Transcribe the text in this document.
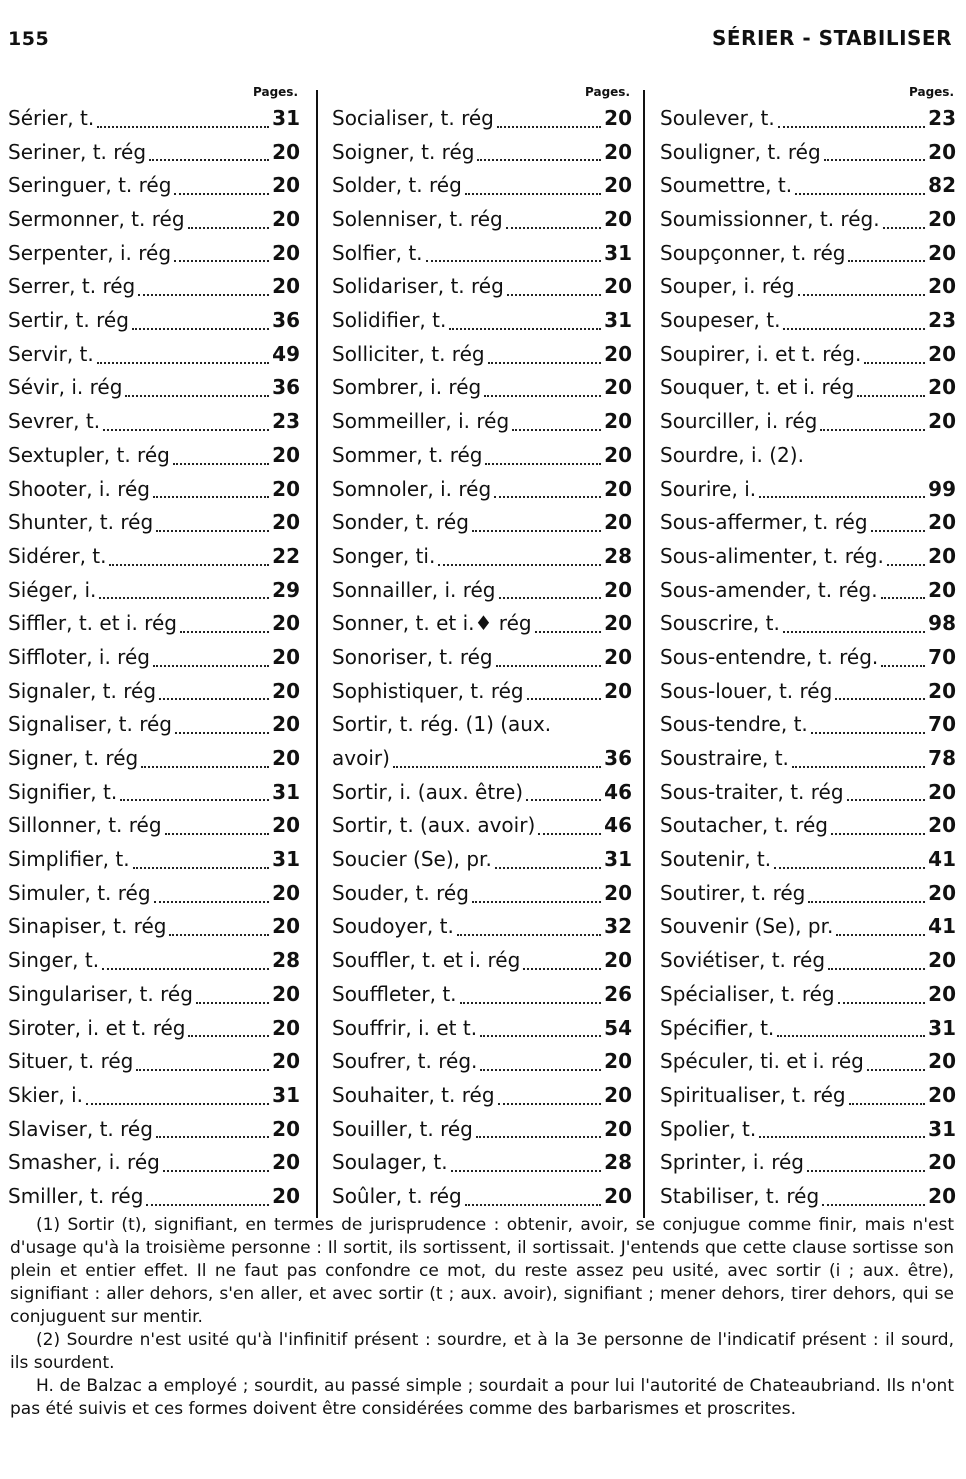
155	SÉRIER - STABILISER
Pages.
Sérier, t.	31
Seriner, t. rég	20
Seringuer, t. rég	20
Sermonner, t. rég	20
Serpenter, i. rég	20
Serrer, t. rég	20
Sertir, t. rég	36
Servir, t.	49
Sévir, i. rég	36
Sevrer, t.	23
Sextupler, t. rég	20
Shooter, i. rég	20
Shunter, t. rég	20
Sidérer, t.	22
Siéger, i.	29
Siffler, t. et i. rég	20
Siffloter, i. rég	20
Signaler, t. rég	20
Signaliser, t. rég	20
Signer, t. rég	20
Signifier, t.	31
Sillonner, t. rég	20
Simplifier, t.	31
Simuler, t. rég	20
Sinapiser, t. rég	20
Singer, t.	28
Singulariser, t. rég	20
Siroter, i. et t. rég	20
Situer, t. rég	20
Skier, i.	31
Slaviser, t. rég	20
Smasher, i. rég	20
Smiller, t. rég	20
Pages.
Socialiser, t. rég	20
Soigner, t. rég	20
Solder, t. rég	20
Solenniser, t. rég	20
Solfier, t.	31
Solidariser, t. rég	20
Solidifier, t.	31
Solliciter, t. rég	20
Sombrer, i. rég	20
Sommeiller, i. rég	20
Sommer, t. rég	20
Somnoler, i. rég	20
Sonder, t. rég	20
Songer, ti.	28
Sonnailler, i. rég	20
Sonner, t. et i.♦ rég	20
Sonoriser, t. rég	20
Sophistiquer, t. rég	20
Sortir, t. rég. (1) (aux.
avoir)	36
Sortir, i. (aux. être)	46
Sortir, t. (aux. avoir)	46
Soucier (Se), pr.	31
Souder, t. rég	20
Soudoyer, t.	32
Souffler, t. et i. rég	20
Souffleter, t.	26
Souffrir, i. et t.	54
Soufrer, t. rég.	20
Souhaiter, t. rég	20
Souiller, t. rég	20
Soulager, t.	28
Soûler, t. rég	20
Pages.
Soulever, t.	23
Souligner, t. rég	20
Soumettre, t.	82
Soumissionner, t. rég. 20
Soupçonner, t. rég	20
Souper, i. rég	20
Soupeser, t.	23
Soupirer, i. et t. rég.	20
Souquer, t. et i. rég	20
Sourciller, i. rég	20
Sourdre, i. (2).
Sourire, i.	99
Sous-affermer, t. rég	20
Sous-alimenter, t. rég. 20
Sous-amender, t. rég.	20
Souscrire, t.	98
Sous-entendre, t. rég. 70
Sous-louer, t. rég	20
Sous-tendre, t.	70
Soustraire, t.	78
Sous-traiter, t. rég	20
Soutacher, t. rég	20
Soutenir, t.	41
Soutirer, t. rég	20
Souvenir (Se), pr.	41
Soviétiser, t. rég	20
Spécialiser, t. rég	20
Spécifier, t.	31
Spéculer, ti. et i. rég	20
Spiritualiser, t. rég	20
Spolier, t.	31
Sprinter, i. rég	20
Stabiliser, t. rég	20

(1) Sortir (t), signifiant, en termes de jurisprudence : obtenir, avoir, se conjugue comme finir, mais n'est d'usage qu'à la troisième personne : Il sortit, ils sortissent, il sortissait. J'entends que cette clause sortisse son plein et entier effet. Il ne faut pas confondre ce mot, du reste assez peu usité, avec sortir (i ; aux. être), signifiant : aller dehors, s'en aller, et avec sortir (t ; aux. avoir), signifiant ; mener dehors, tirer dehors, qui se conjuguent sur mentir.

(2) Sourdre n'est usité qu'à l'infinitif présent : sourdre, et à la 3e personne de l'indicatif présent : il sourd, ils sourdent.

H. de Balzac a employé ; sourdit, au passé simple ; sourdait a pour lui l'autorité de Chateaubriand. Ils n'ont pas été suivis et ces formes doivent être considérées comme des barbarismes et proscrites.
